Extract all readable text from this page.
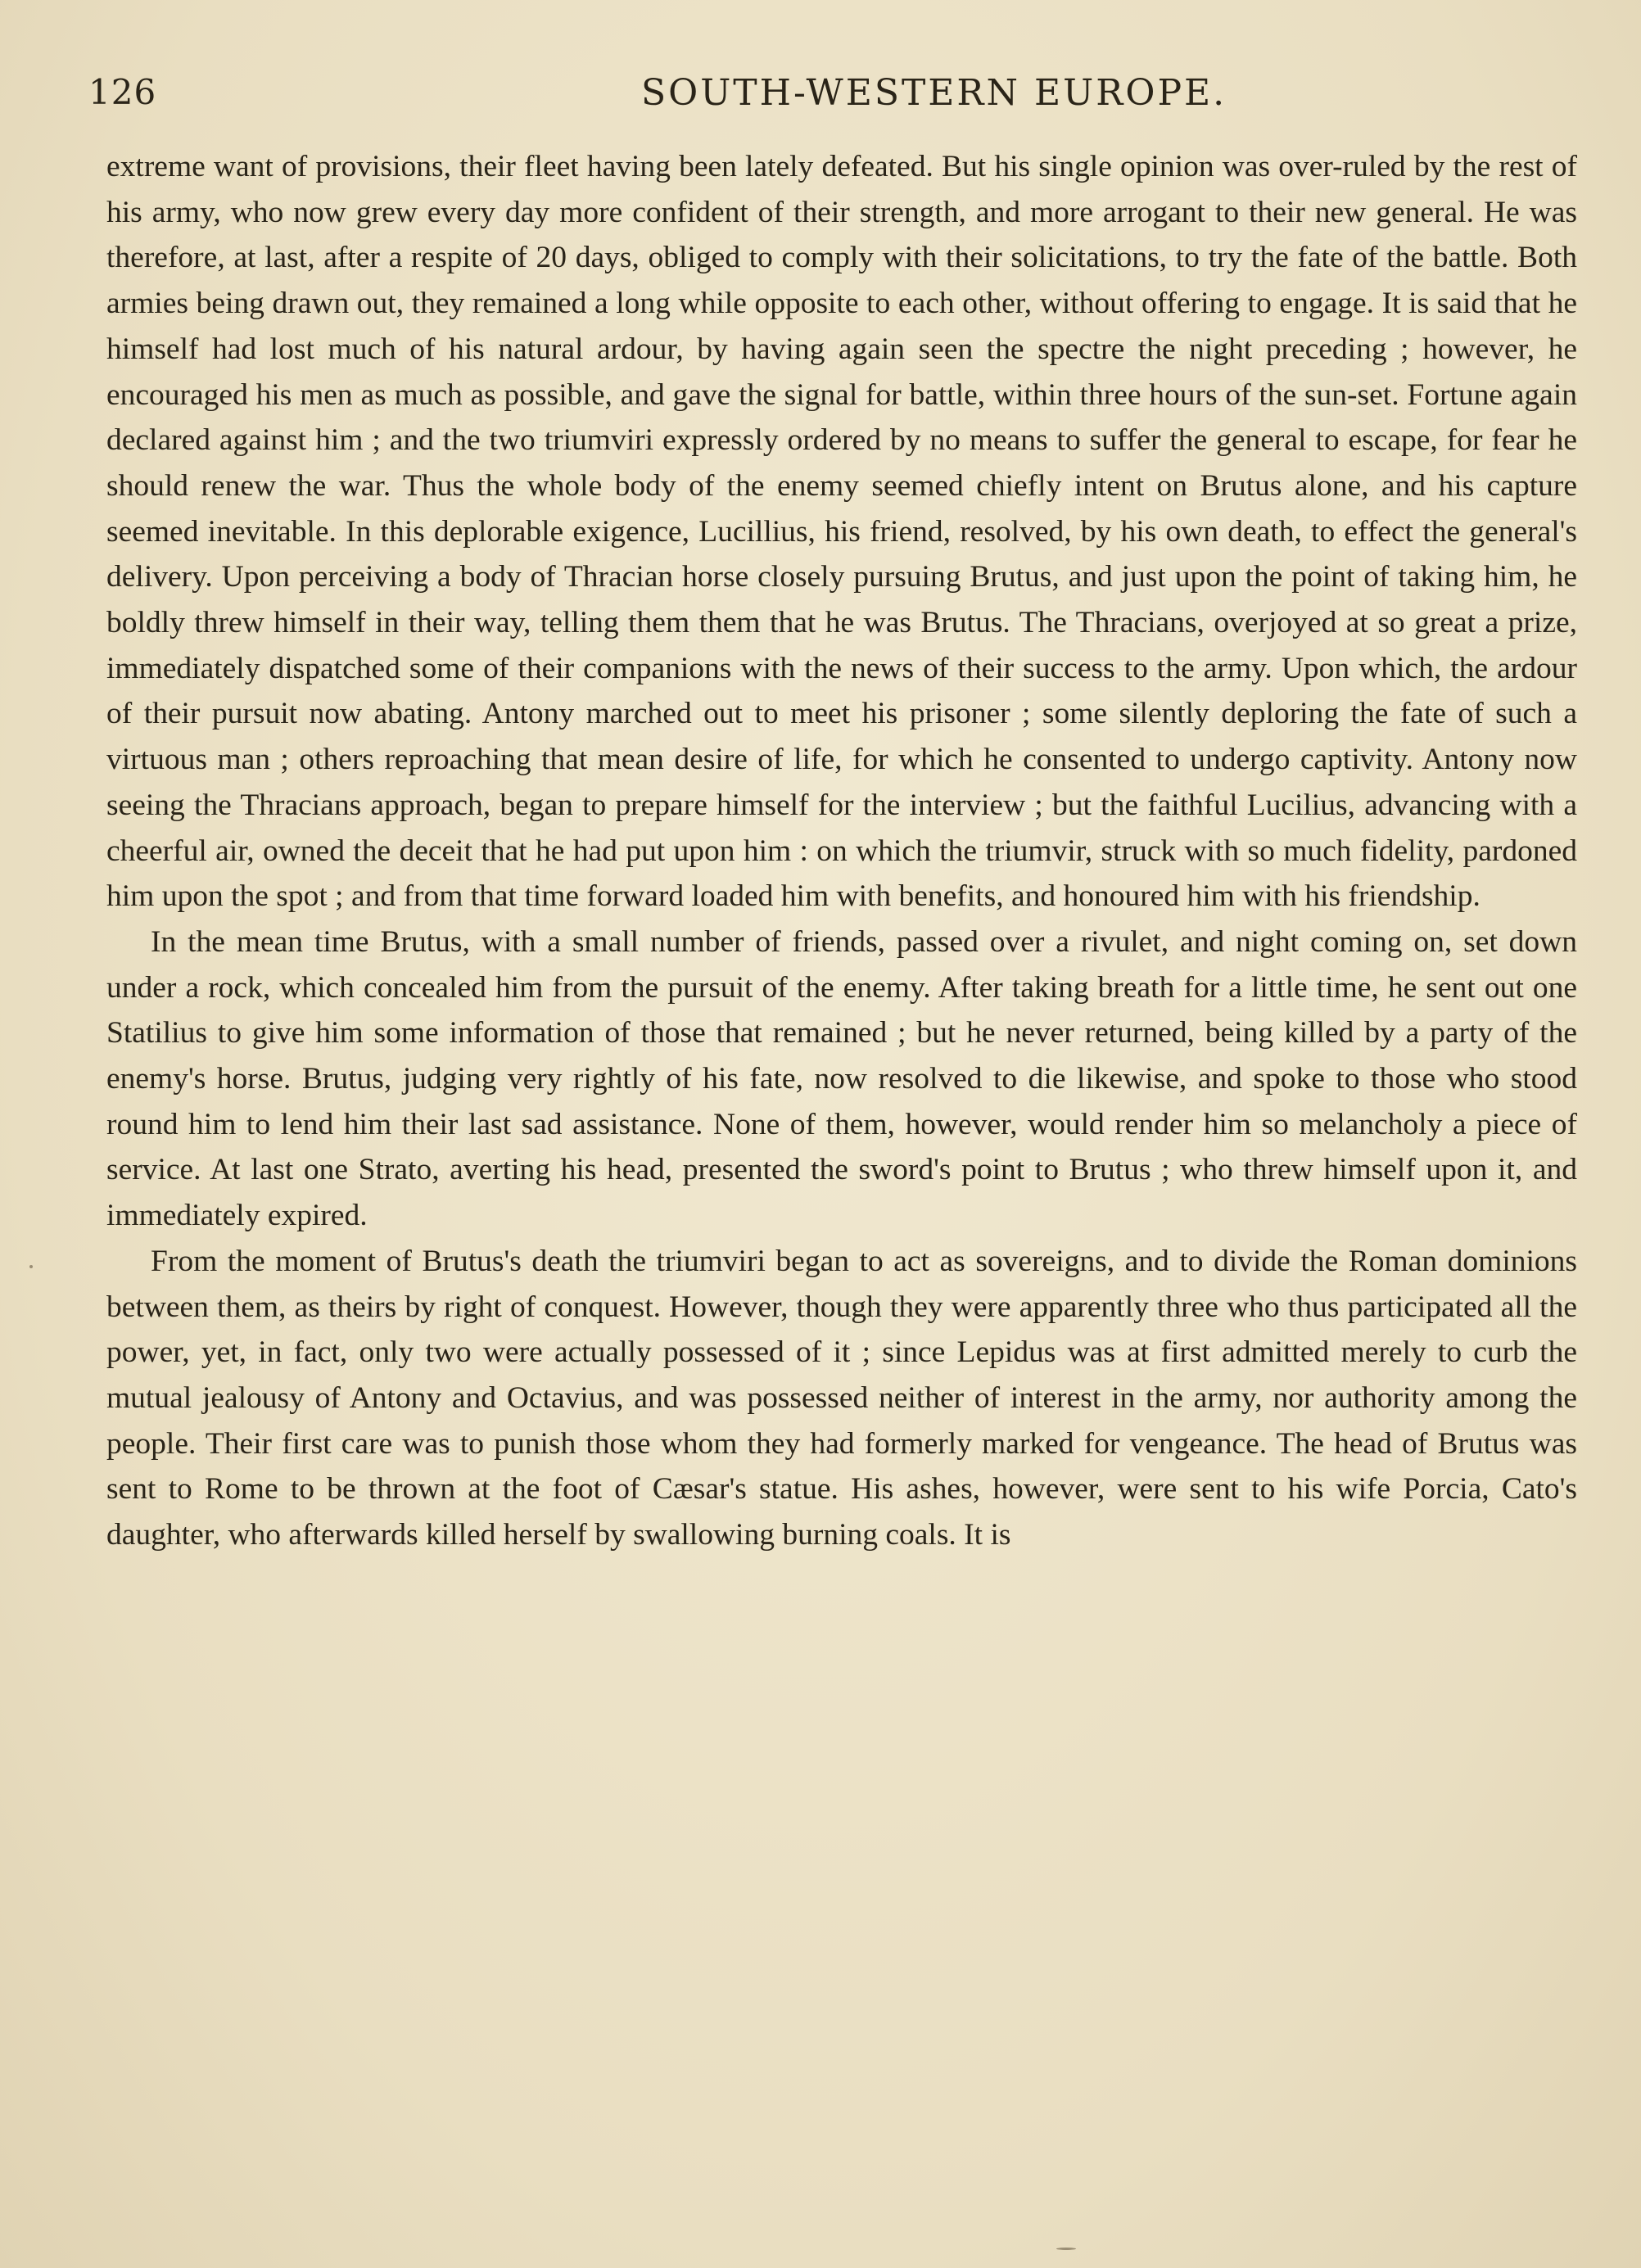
126	SOUTH-WESTERN EUROPE.

extreme want of provisions, their fleet having been lately defeated. But his single opinion was over-ruled by the rest of his army, who now grew every day more confident of their strength, and more arrogant to their new general. He was therefore, at last, after a respite of 20 days, obliged to comply with their solicitations, to try the fate of the battle. Both armies being drawn out, they remained a long while opposite to each other, without offering to engage. It is said that he himself had lost much of his natural ardour, by having again seen the spectre the night preceding ; however, he encouraged his men as much as possible, and gave the signal for battle, within three hours of the sun-set. Fortune again declared against him ; and the two triumviri expressly ordered by no means to suffer the general to escape, for fear he should renew the war. Thus the whole body of the enemy seemed chiefly intent on Brutus alone, and his capture seemed inevitable. In this deplorable exigence, Lucillius, his friend, resolved, by his own death, to effect the general's delivery. Upon perceiving a body of Thracian horse closely pursuing Brutus, and just upon the point of taking him, he boldly threw himself in their way, telling them them that he was Brutus. The Thracians, overjoyed at so great a prize, immediately dispatched some of their companions with the news of their success to the army. Upon which, the ardour of their pursuit now abating. Antony marched out to meet his prisoner ; some silently deploring the fate of such a virtuous man ; others reproaching that mean desire of life, for which he consented to undergo captivity. Antony now seeing the Thracians approach, began to prepare himself for the interview ; but the faithful Lucilius, advancing with a cheerful air, owned the deceit that he had put upon him : on which the triumvir, struck with so much fidelity, pardoned him upon the spot ; and from that time forward loaded him with benefits, and honoured him with his friendship.

In the mean time Brutus, with a small number of friends, passed over a rivulet, and night coming on, set down under a rock, which concealed him from the pursuit of the enemy. After taking breath for a little time, he sent out one Statilius to give him some information of those that remained ; but he never returned, being killed by a party of the enemy's horse. Brutus, judging very rightly of his fate, now resolved to die likewise, and spoke to those who stood round him to lend him their last sad assistance. None of them, however, would render him so melancholy a piece of service. At last one Strato, averting his head, presented the sword's point to Brutus ; who threw himself upon it, and immediately expired.

From the moment of Brutus's death the triumviri began to act as sovereigns, and to divide the Roman dominions between them, as theirs by right of conquest. However, though they were apparently three who thus participated all the power, yet, in fact, only two were actually possessed of it ; since Lepidus was at first admitted merely to curb the mutual jealousy of Antony and Octavius, and was possessed neither of interest in the army, nor authority among the people. Their first care was to punish those whom they had formerly marked for vengeance. The head of Brutus was sent to Rome to be thrown at the foot of Cæsar's statue. His ashes, however, were sent to his wife Porcia, Cato's daughter, who afterwards killed herself by swallowing burning coals. It is
